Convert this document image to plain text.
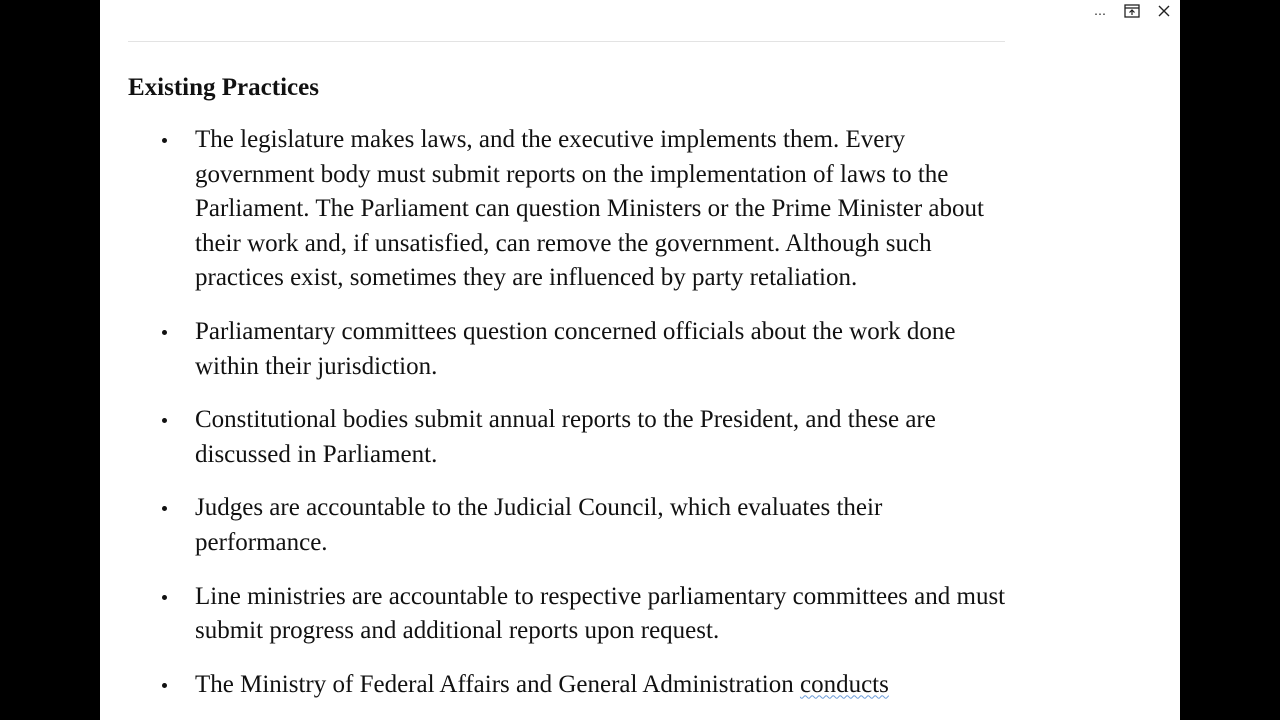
…
Existing Practices
The legislature makes laws, and the executive implements them. Every government body must submit reports on the implementation of laws to the Parliament. The Parliament can question Ministers or the Prime Minister about their work and, if unsatisfied, can remove the government. Although such practices exist, sometimes they are influenced by party retaliation.
Parliamentary committees question concerned officials about the work done within their jurisdiction.
Constitutional bodies submit annual reports to the President, and these are discussed in Parliament.
Judges are accountable to the Judicial Council, which evaluates their performance.
Line ministries are accountable to respective parliamentary committees and must submit progress and additional reports upon request.
The Ministry of Federal Affairs and General Administration conducts
